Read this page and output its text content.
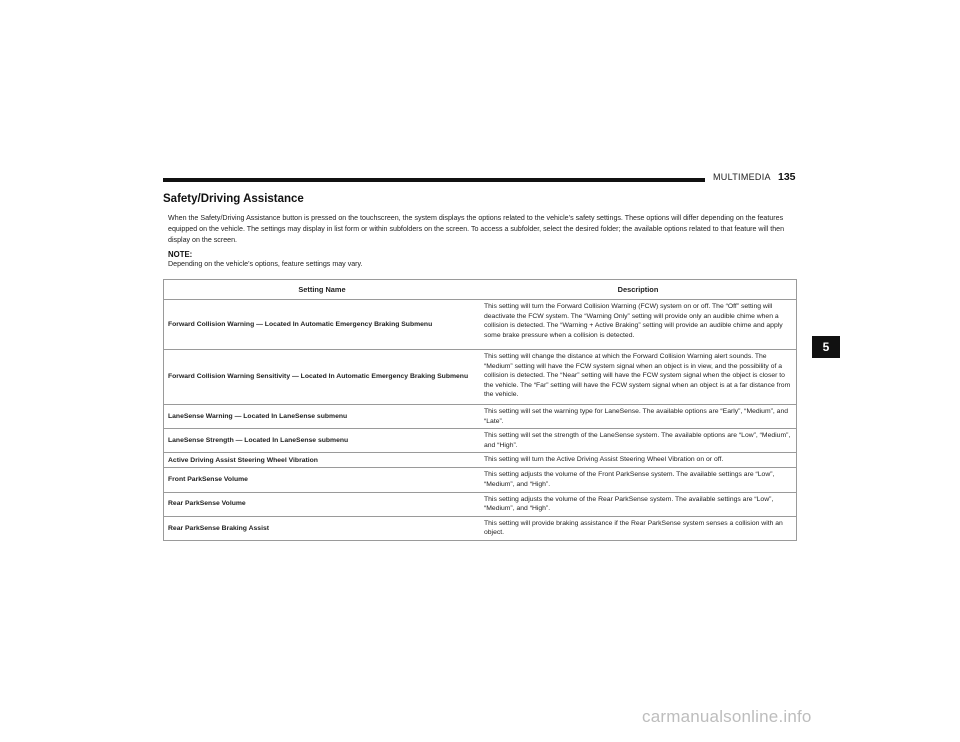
MULTIMEDIA 135
Safety/Driving Assistance

When the Safety/Driving Assistance button is pressed on the touchscreen, the system displays the options related to the vehicle’s safety settings. These options will differ depending on the features equipped on the vehicle. The settings may display in list form or within subfolders on the screen. To access a subfolder, select the desired folder; the available options related to that feature will then display on the screen.

NOTE:
Depending on the vehicle’s options, feature settings may vary.
Setting Name	Description
Forward Collision Warning — Located In Automatic Emergency Braking Submenu	This setting will turn the Forward Collision Warning (FCW) system on or off. The “Off” setting will deactivate the FCW system. The “Warning Only” setting will provide only an audible chime when a collision is detected. The “Warning + Active Braking” setting will provide an audible chime and apply some brake pressure when a collision is detected.
Forward Collision Warning Sensitivity — Located In Automatic Emergency Braking Submenu	This setting will change the distance at which the Forward Collision Warning alert sounds. The “Medium” setting will have the FCW system signal when an object is in view, and the possibility of a collision is detected. The “Near” setting will have the FCW system signal when the object is closer to the vehicle. The “Far” setting will have the FCW system signal when an object is at a far distance from the vehicle.
LaneSense Warning — Located In LaneSense submenu	This setting will set the warning type for LaneSense. The available options are “Early”, “Medium”, and “Late”.
LaneSense Strength — Located In LaneSense submenu	This setting will set the strength of the LaneSense system. The available options are “Low”, “Medium”, and “High”.
Active Driving Assist Steering Wheel Vibration	This setting will turn the Active Driving Assist Steering Wheel Vibration on or off.
Front ParkSense Volume	This setting adjusts the volume of the Front ParkSense system. The available settings are “Low”, “Medium”, and “High”.
Rear ParkSense Volume	This setting adjusts the volume of the Rear ParkSense system. The available settings are “Low”, “Medium”, and “High”.
Rear ParkSense Braking Assist	This setting will provide braking assistance if the Rear ParkSense system senses a collision with an object.
5
carmanualsonline.info
